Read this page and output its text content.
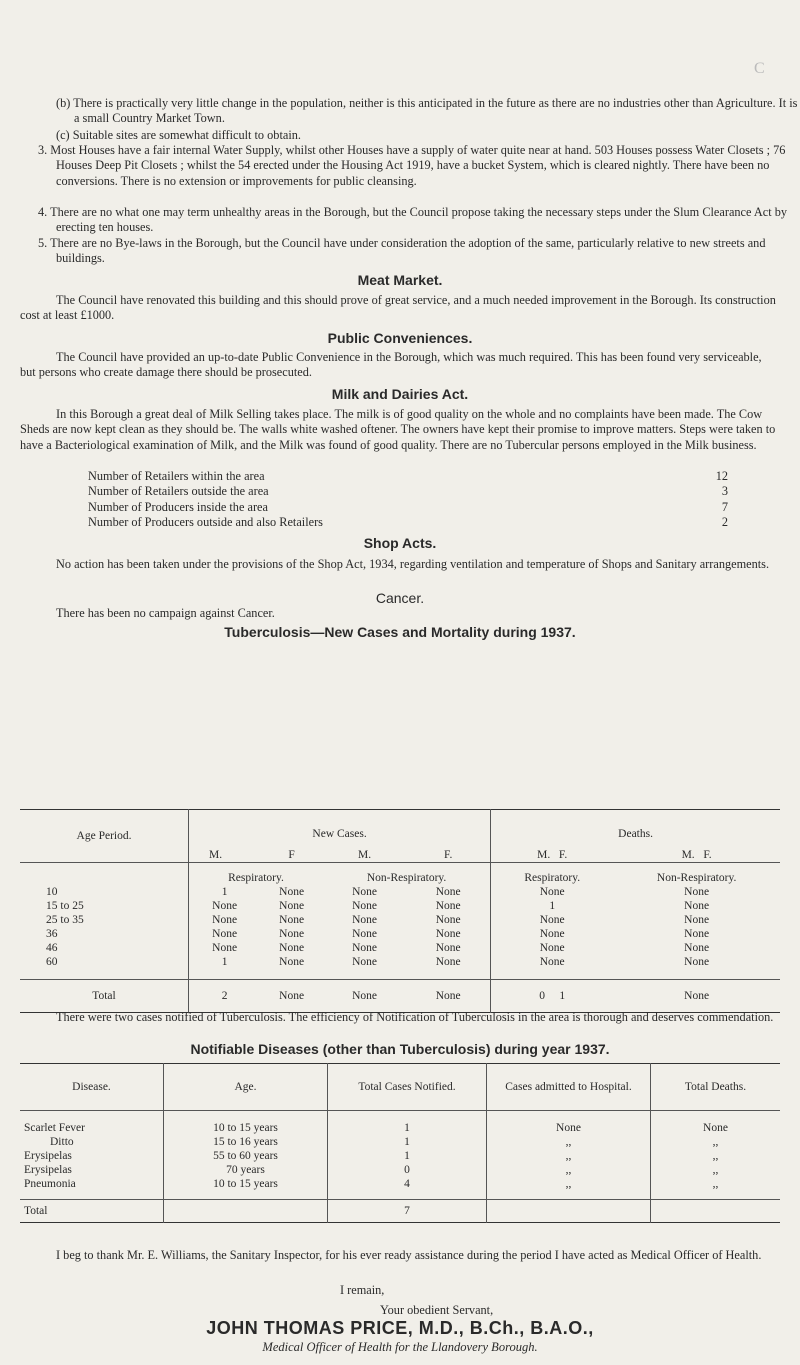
C
(b) There is practically very little change in the population, neither is this anticipated in the future as there are no industries other than Agriculture. It is a small Country Market Town.
(c) Suitable sites are somewhat difficult to obtain.
3. Most Houses have a fair internal Water Supply, whilst other Houses have a supply of water quite near at hand. 503 Houses possess Water Closets ; 76 Houses Deep Pit Closets ; whilst the 54 erected under the Housing Act 1919, have a bucket System, which is cleared nightly. There have been no conversions. There is no extension or improvements for public cleansing.
4. There are no what one may term unhealthy areas in the Borough, but the Council propose taking the necessary steps under the Slum Clearance Act by erecting ten houses.
5. There are no Bye-laws in the Borough, but the Council have under consideration the adoption of the same, particularly relative to new streets and buildings.
Meat Market.
The Council have renovated this building and this should prove of great service, and a much needed improvement in the Borough. Its construction cost at least £1000.
Public Conveniences.
The Council have provided an up-to-date Public Convenience in the Borough, which was much required. This has been found very serviceable, but persons who create damage there should be prosecuted.
Milk and Dairies Act.
In this Borough a great deal of Milk Selling takes place. The milk is of good quality on the whole and no complaints have been made. The Cow Sheds are now kept clean as they should be. The walls white washed oftener. The owners have kept their promise to improve matters. Steps were taken to have a Bacteriological examination of Milk, and the Milk was found of good quality. There are no Tubercular persons employed in the Milk business.
Number of Retailers within the area	12
Number of Retailers outside the area	3
Number of Producers inside the area	7
Number of Producers outside and also Retailers	2
Shop Acts.
No action has been taken under the provisions of the Shop Act, 1934, regarding ventilation and temperature of Shops and Sanitary arrangements.
Cancer.
There has been no campaign against Cancer.
Tuberculosis—New Cases and Mortality during 1937.
Age Period.	New Cases.				Deaths.	
	M.	F	M.	F.	M. F.	M. F.
	Respiratory.		Non-Respiratory.		Respiratory.	Non-Respiratory.
10	1	None	None	None	None	None
15 to 25	None	None	None	None	1	None
25 to 35	None	None	None	None	None	None
36	None	None	None	None	None	None
46	None	None	None	None	None	None
60	1	None	None	None	None	None
Total	2	None	None	None	0 1	None
There were two cases notified of Tuberculosis. The efficiency of Notification of Tuberculosis in the area is thorough and deserves commendation.
Notifiable Diseases (other than Tuberculosis) during year 1937.
Disease.	Age.	Total Cases Notified.	Cases admitted to Hospital.	Total Deaths.
Scarlet Fever	10 to 15 years	1	None	None
Ditto	15 to 16 years	1	,,	,,
Erysipelas	55 to 60 years	1	,,	,,
Erysipelas	70 years	0	,,	,,
Pneumonia	10 to 15 years	4	,,	,,
Total		7		
I beg to thank Mr. E. Williams, the Sanitary Inspector, for his ever ready assistance during the period I have acted as Medical Officer of Health.
I remain,
Your obedient Servant,
JOHN THOMAS PRICE, M.D., B.Ch., B.A.O.,
Medical Officer of Health for the Llandovery Borough.
